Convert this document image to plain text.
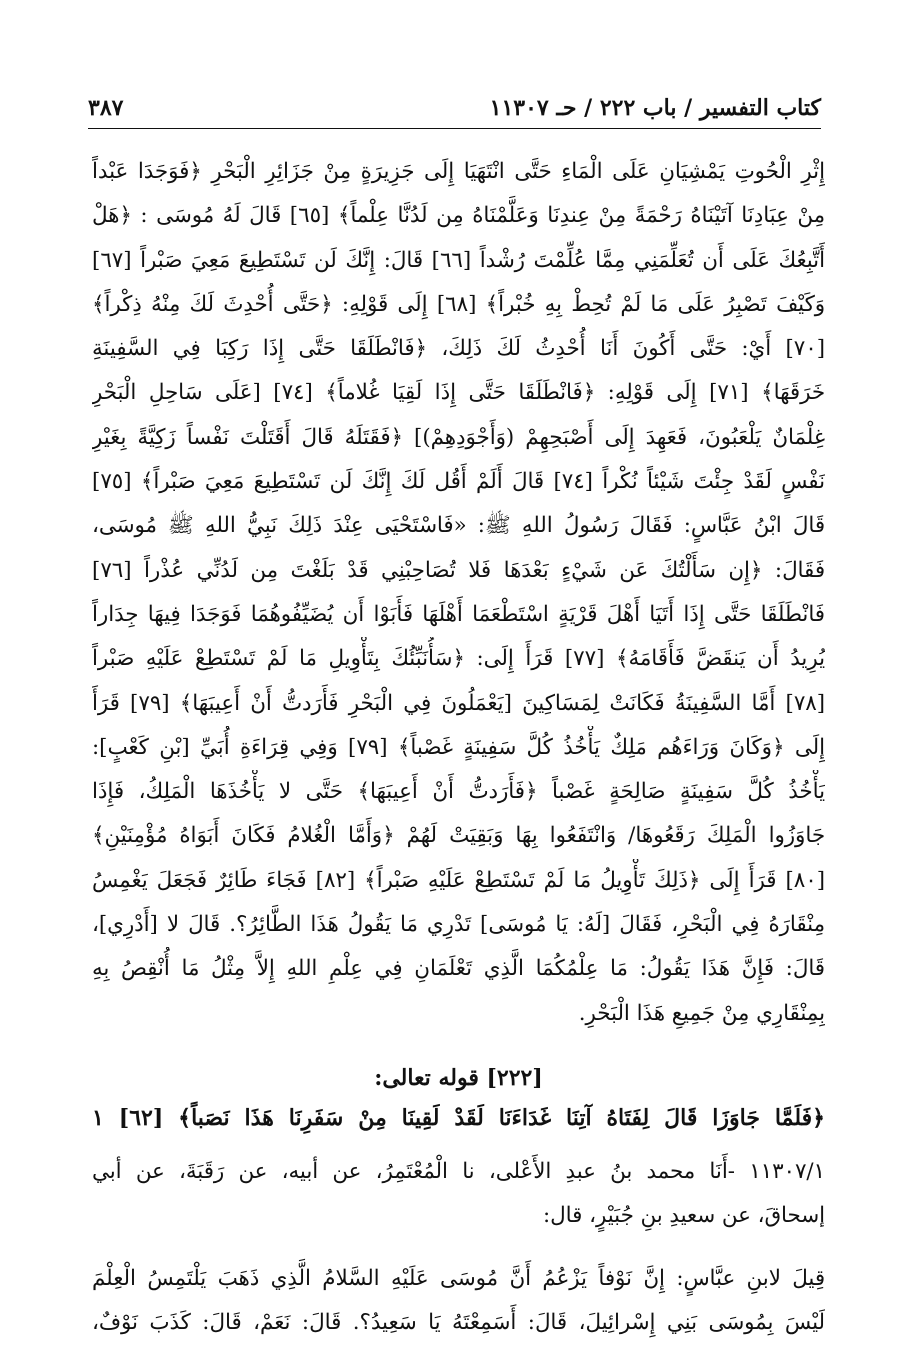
كتاب التفسير / باب ٢٢٢ / حـ ١١٣٠٧
٣٨٧
إِثْرِ الْحُوتِ يَمْشِيَانِ عَلَى الْمَاءِ حَتَّى انْتَهَيَا إِلَى جَزِيرَةٍ مِنْ جَزَائِرِ الْبَحْرِ ﴿فَوَجَدَا عَبْداً
مِنْ عِبَادِنَا آتَيْنَاهُ رَحْمَةً مِنْ عِندِنَا وَعَلَّمْنَاهُ مِن لَدُنَّا عِلْماً﴾ [٦٥] قَالَ لَهُ مُوسَى : ﴿هَلْ
أَتَّبِعُكَ عَلَى أَن تُعَلِّمَنِي مِمَّا عُلِّمْتَ رُشْداً [٦٦] قَالَ: إِنَّكَ لَن تَسْتَطِيعَ مَعِيَ صَبْراً [٦٧]
وَكَيْفَ تَصْبِرُ عَلَى مَا لَمْ تُحِطْ بِهِ خُبْراً﴾ [٦٨] إِلَى قَوْلِهِ: ﴿حَتَّى أُحْدِثَ لَكَ مِنْهُ ذِكْراً﴾
[٧٠] أَيْ: حَتَّى أَكُونَ أَنَا أُحْدِثُ لَكَ ذَلِكَ، ﴿فَانْطَلَقَا حَتَّى إِذَا رَكِبَا فِي السَّفِينَةِ
خَرَقَهَا﴾ [٧١] إِلَى قَوْلِهِ: ﴿فَانْطَلَقَا حَتَّى إِذَا لَقِيَا غُلاماً﴾ [٧٤] [عَلَى سَاحِلِ الْبَحْرِ
غِلْمَانٌ يَلْعَبُونَ، فَعَهِدَ إِلَى أَصْبَحِهِمْ (وَأَجْوَدِهِمْ)] ﴿فَقَتَلَهُ قَالَ أَقَتَلْتَ نَفْساً زَكِيَّةً بِغَيْرِ
نَفْسٍ لَقَدْ جِئْتَ شَيْئاً نُكْراً [٧٤] قَالَ أَلَمْ أَقُل لَكَ إِنَّكَ لَن تَسْتَطِيعَ مَعِيَ صَبْراً﴾ [٧٥]
قَالَ ابْنُ عَبَّاسٍ: فَقَالَ رَسُولُ اللهِ ﷺ: «فَاسْتَحْيَى عِنْدَ ذَلِكَ نَبِيُّ اللهِ ﷺ مُوسَى،
فَقَالَ: ﴿إِن سَأَلْتُكَ عَن شَيْءٍ بَعْدَهَا فَلا تُصَاحِبْنِي قَدْ بَلَغْتَ مِن لَدُنِّي عُذْراً [٧٦]
فَانْطَلَقَا حَتَّى إِذَا أَتَيَا أَهْلَ قَرْيَةٍ اسْتَطْعَمَا أَهْلَهَا فَأَبَوْا أَن يُضَيِّفُوهُمَا فَوَجَدَا فِيهَا جِدَاراً
يُرِيدُ أَن يَنقَضَّ فَأَقَامَهُ﴾ [٧٧] قَرَأَ إِلَى: ﴿سَأُنَبِّئُكَ بِتَأْوِيلِ مَا لَمْ تَسْتَطِعْ عَلَيْهِ صَبْراً
[٧٨] أَمَّا السَّفِينَةُ فَكَانَتْ لِمَسَاكِينَ [يَعْمَلُونَ فِي الْبَحْرِ فَأَرَدتُّ أَنْ أَعِيبَهَا﴾ [٧٩] قَرَأَ
إِلَى ﴿وَكَانَ وَرَاءَهُم مَلِكٌ يَأْخُذُ كُلَّ سَفِينَةٍ غَصْباً﴾ [٧٩] وَفِي قِرَاءَةِ أُبَيِّ [بْنِ كَعْبٍ]:
يَأْخُذُ كُلَّ سَفِينَةٍ صَالِحَةٍ غَصْباً ﴿فَأَرَدتُّ أَنْ أَعِيبَهَا﴾ حَتَّى لا يَأْخُذَهَا الْمَلِكُ، فَإِذَا
جَاوَزُوا الْمَلِكَ رَقَعُوهَا/ وَانْتَفَعُوا بِهَا وَبَقِيَتْ لَهُمْ ﴿وَأَمَّا الْغُلامُ فَكَانَ أَبَوَاهُ مُؤْمِنَيْنِ﴾
[٨٠] قَرَأَ إِلَى ﴿ذَلِكَ تَأْوِيلُ مَا لَمْ تَسْتَطِعْ عَلَيْهِ صَبْراً﴾ [٨٢] فَجَاءَ طَائِرٌ فَجَعَلَ يَغْمِسُ
مِنْقَارَهُ فِي الْبَحْرِ، فَقَالَ [لَهُ: يَا مُوسَى] تَدْرِي مَا يَقُولُ هَذَا الطَّائِرُ؟. قَالَ لا [أَدْرِي]،
قَالَ: فَإِنَّ هَذَا يَقُولُ: مَا عِلْمُكُمَا الَّذِي تَعْلَمَانِ فِي عِلْمِ اللهِ إِلاَّ مِثْلُ مَا أُنْقِصُ بِهِ
بِمِنْقَارِي مِنْ جَمِيعِ هَذَا الْبَحْرِ.
[٢٢٢] قوله تعالى:
﴿فَلَمَّا جَاوَزَا قَالَ لِفَتَاهُ آتِنَا غَدَاءَنَا لَقَدْ لَقِينَا مِنْ سَفَرِنَا هَذَا نَصَباً﴾ [٦٢] ١
١١٣٠٧/١ -أَنَا محمد بنُ عبدِ الأَعْلى، نا الْمُعْتَمِرُ، عن أبيه، عن رَقَبَةَ، عن أبي
إسحاقَ، عن سعيدِ بنِ جُبَيْرٍ، قال:
قِيلَ لابنِ عبَّاسٍ: إِنَّ نَوْفاً يَزْعُمُ أَنَّ مُوسَى عَلَيْهِ السَّلامُ الَّذِي ذَهَبَ يَلْتَمِسُ الْعِلْمَ
لَيْسَ بِمُوسَى بَنِي إِسْرائِيلَ، قَالَ: أَسَمِعْتَهُ يَا سَعِيدُ؟. قَالَ: نَعَمْ، قَالَ: كَذَبَ نَوْفٌ،
